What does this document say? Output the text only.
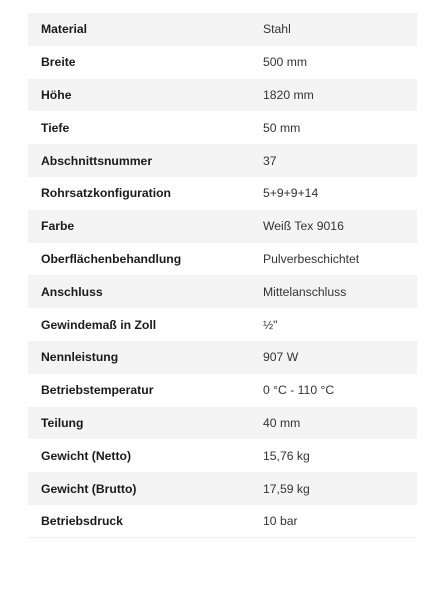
Material	Stahl
Breite	500 mm
Höhe	1820 mm
Tiefe	50 mm
Abschnittsnummer	37
Rohrsatzkonfiguration	5+9+9+14
Farbe	Weiß Tex 9016
Oberflächenbehandlung	Pulverbeschichtet
Anschluss	Mittelanschluss
Gewindemaß in Zoll	½"
Nennleistung	907 W
Betriebstemperatur	0 °C - 110 °C
Teilung	40 mm
Gewicht (Netto)	15,76 kg
Gewicht (Brutto)	17,59 kg
Betriebsdruck	10 bar
